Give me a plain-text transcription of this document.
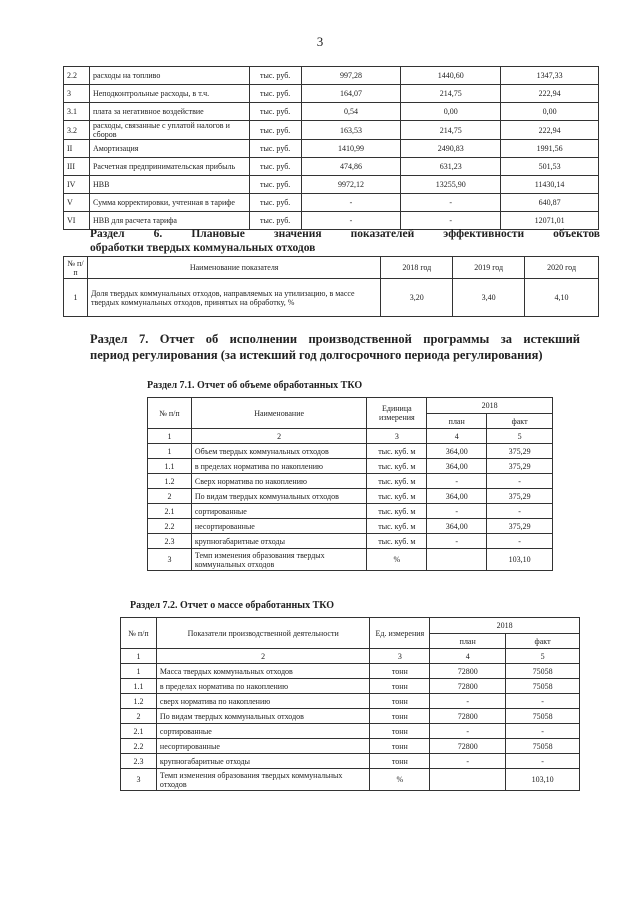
3
2.2	расходы на топливо	тыс. руб.	997,28	1440,60	1347,33
3	Неподконтрольные расходы, в т.ч.	тыс. руб.	164,07	214,75	222,94
3.1	плата за негативное воздействие	тыс. руб.	0,54	0,00	0,00
3.2	расходы, связанные с уплатой налогов и сборов	тыс. руб.	163,53	214,75	222,94
II	Амортизация	тыс. руб.	1410,99	2490,83	1991,56
III	Расчетная предпринимательская прибыль	тыс. руб.	474,86	631,23	501,53
IV	НВВ	тыс. руб.	9972,12	13255,90	11430,14
V	Сумма корректировки, учтенная в тарифе	тыс. руб.	-	-	640,87
VI	НВВ для расчета тарифа	тыс. руб.	-	-	12071,01
Раздел 6. Плановые значения показателей эффективности объектов
обработки твердых коммунальных отходов
№ п/п	Наименование показателя	2018 год	2019 год	2020 год
1	Доля твердых коммунальных отходов, направляемых на утилизацию, в массе твердых коммунальных отходов, принятых на обработку, %	3,20	3,40	4,10
Раздел 7. Отчет об исполнении производственной программы за истекший
период регулирования (за истекший год долгосрочного периода регулирования)
Раздел 7.1. Отчет об объеме обработанных ТКО
№ п/п	Наименование	Единица измерения	2018	
			план	факт
1	2	3	4	5
1	Объем твердых коммунальных отходов	тыс. куб. м	364,00	375,29
1.1	в пределах норматива по накоплению	тыс. куб. м	364,00	375,29
1.2	Сверх норматива по накоплению	тыс. куб. м	-	-
2	По видам твердых коммунальных отходов	тыс. куб. м	364,00	375,29
2.1	сортированные	тыс. куб. м	-	-
2.2	несортированные	тыс. куб. м	364,00	375,29
2.3	крупногабаритные отходы	тыс. куб. м	-	-
3	Темп изменения образования твердых коммунальных отходов	%		103,10
Раздел 7.2. Отчет о массе обработанных ТКО
№ п/п	Показатели производственной деятельности	Ед. измерения	2018	
			план	факт
1	2	3	4	5
1	Масса твердых коммунальных отходов	тонн	72800	75058
1.1	в пределах норматива по накоплению	тонн	72800	75058
1.2	сверх норматива по накоплению	тонн	-	-
2	По видам твердых коммунальных отходов	тонн	72800	75058
2.1	сортированные	тонн	-	-
2.2	несортированные	тонн	72800	75058
2.3	крупногабаритные отходы	тонн	-	-
3	Темп изменения образования твердых коммунальных отходов	%		103,10
